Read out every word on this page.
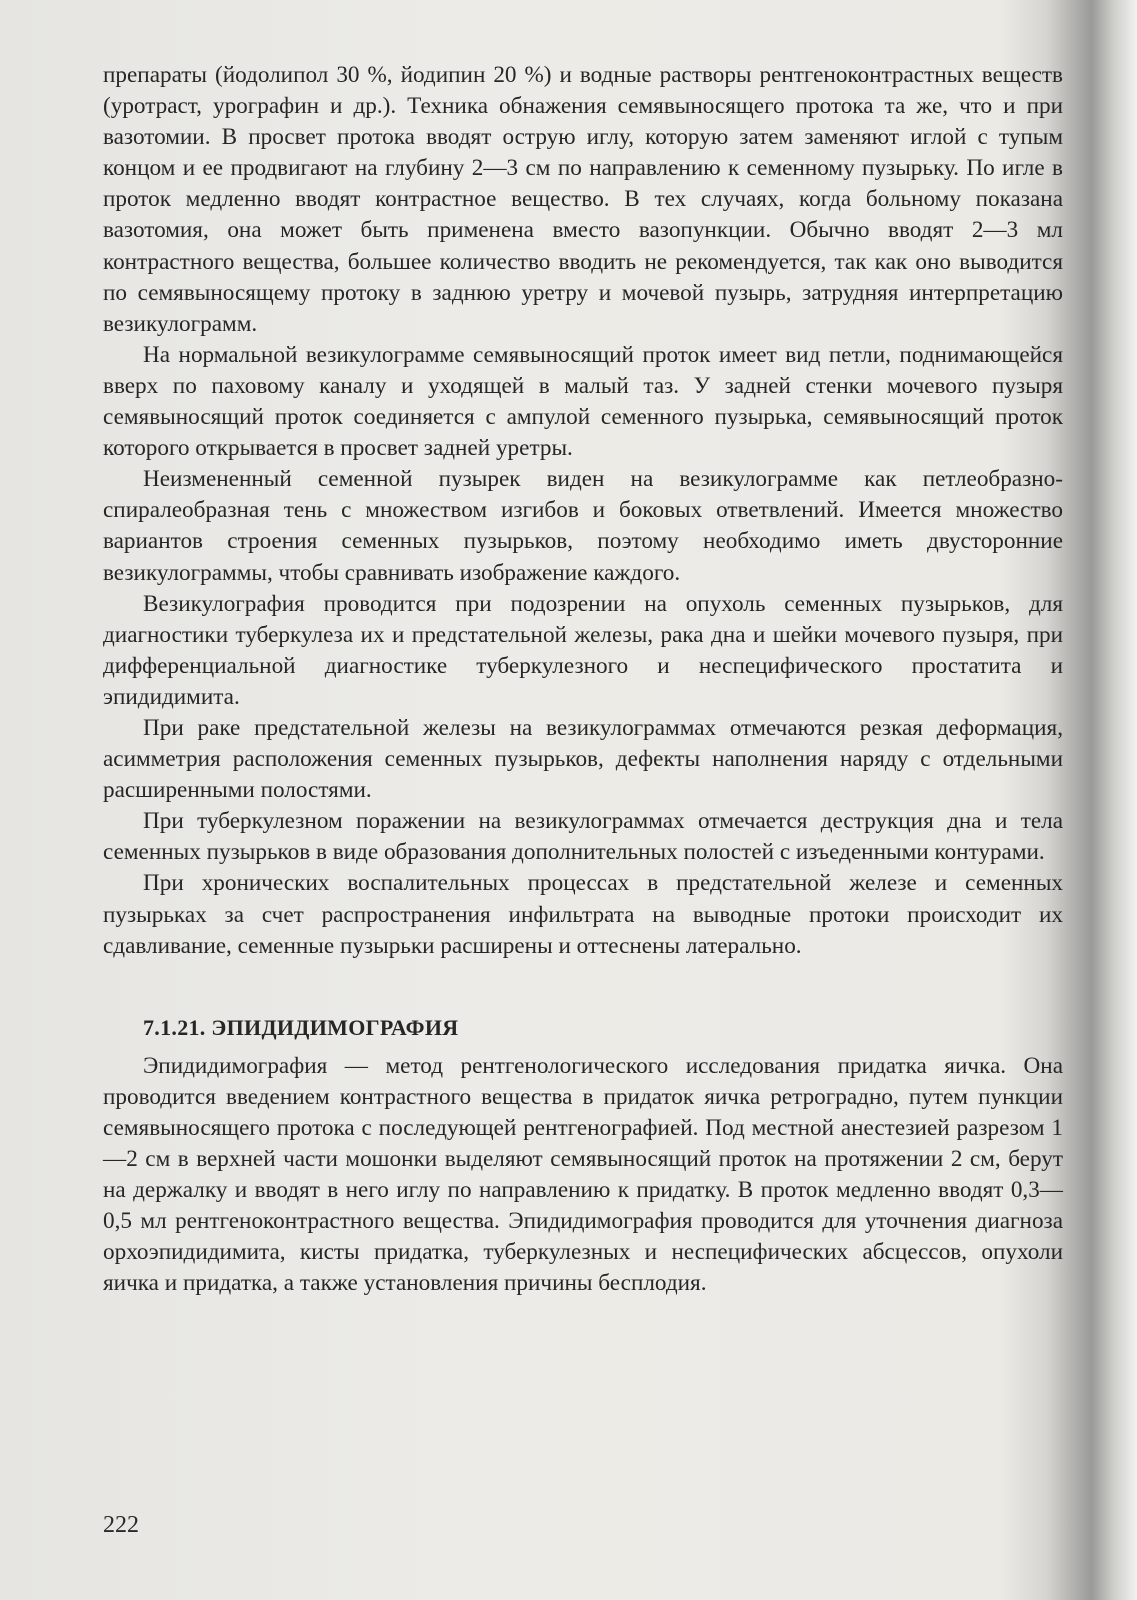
препараты (йодолипол 30 %, йодипин 20 %) и водные растворы рентгеноконтрастных веществ (уротраст, урографин и др.). Техника обнажения семявыносящего протока та же, что и при вазотомии. В просвет протока вводят острую иглу, которую затем заменяют иглой с тупым концом и ее продвигают на глубину 2—3 см по направлению к семенному пузырьку. По игле в проток медленно вводят контрастное вещество. В тех случаях, когда больному показана вазотомия, она может быть применена вместо вазопункции. Обычно вводят 2—3 мл контрастного вещества, большее количество вводить не рекомендуется, так как оно выводится по семявыносящему протоку в заднюю уретру и мочевой пузырь, затрудняя интерпретацию везикулограмм.

На нормальной везикулограмме семявыносящий проток имеет вид петли, поднимающейся вверх по паховому каналу и уходящей в малый таз. У задней стенки мочевого пузыря семявыносящий проток соединяется с ампулой семенного пузырька, семявыносящий проток которого открывается в просвет задней уретры.

Неизмененный семенной пузырек виден на везикулограмме как петлеобразно-спиралеобразная тень с множеством изгибов и боковых ответвлений. Имеется множество вариантов строения семенных пузырьков, поэтому необходимо иметь двусторонние везикулограммы, чтобы сравнивать изображение каждого.

Везикулография проводится при подозрении на опухоль семенных пузырьков, для диагностики туберкулеза их и предстательной железы, рака дна и шейки мочевого пузыря, при дифференциальной диагностике туберкулезного и неспецифического простатита и эпидидимита.

При раке предстательной железы на везикулограммах отмечаются резкая деформация, асимметрия расположения семенных пузырьков, дефекты наполнения наряду с отдельными расширенными полостями.

При туберкулезном поражении на везикулограммах отмечается деструкция дна и тела семенных пузырьков в виде образования дополнительных полостей с изъеденными контурами.

При хронических воспалительных процессах в предстательной железе и семенных пузырьках за счет распространения инфильтрата на выводные протоки происходит их сдавливание, семенные пузырьки расширены и оттеснены латерально.

7.1.21. ЭПИДИДИМОГРАФИЯ

Эпидидимография — метод рентгенологического исследования придатка яичка. Она проводится введением контрастного вещества в придаток яичка ретроградно, путем пункции семявыносящего протока с последующей рентгенографией. Под местной анестезией разрезом 1—2 см в верхней части мошонки выделяют семявыносящий проток на протяжении 2 см, берут на держалку и вводят в него иглу по направлению к придатку. В проток медленно вводят 0,3—0,5 мл рентгеноконтрастного вещества. Эпидидимография проводится для уточнения диагноза орхоэпидидимита, кисты придатка, туберкулезных и неспецифических абсцессов, опухоли яичка и придатка, а также установления причины бесплодия.

222
